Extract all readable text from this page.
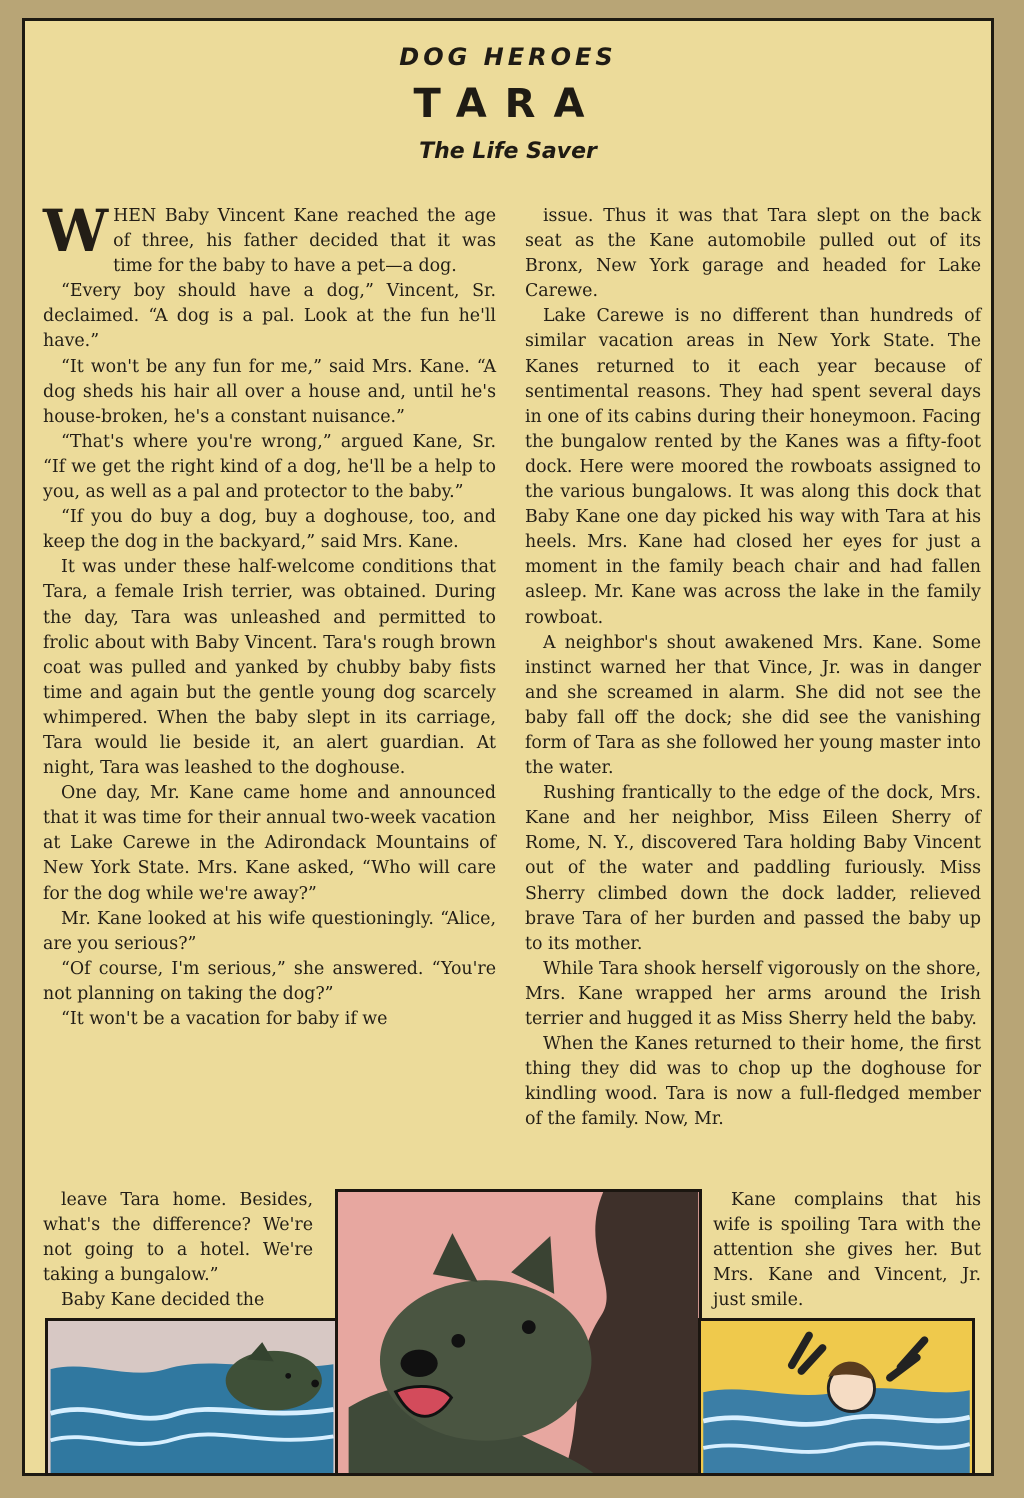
DOG HEROES
TARA
The Life Saver

WHEN Baby Vincent Kane reached the age of three, his father decided that it was time for the baby to have a pet—a dog.

“Every boy should have a dog,” Vincent, Sr. declaimed. “A dog is a pal. Look at the fun he'll have.”

“It won't be any fun for me,” said Mrs. Kane. “A dog sheds his hair all over a house and, until he's house-broken, he's a constant nuisance.”

“That's where you're wrong,” argued Kane, Sr. “If we get the right kind of a dog, he'll be a help to you, as well as a pal and protector to the baby.”

“If you do buy a dog, buy a doghouse, too, and keep the dog in the backyard,” said Mrs. Kane.

It was under these half-welcome conditions that Tara, a female Irish terrier, was obtained. During the day, Tara was unleashed and permitted to frolic about with Baby Vincent. Tara's rough brown coat was pulled and yanked by chubby baby fists time and again but the gentle young dog scarcely whimpered. When the baby slept in its carriage, Tara would lie beside it, an alert guardian. At night, Tara was leashed to the doghouse.

One day, Mr. Kane came home and announced that it was time for their annual two-week vacation at Lake Carewe in the Adirondack Mountains of New York State. Mrs. Kane asked, “Who will care for the dog while we're away?”

Mr. Kane looked at his wife questioningly. “Alice, are you serious?”

“Of course, I'm serious,” she answered. “You're not planning on taking the dog?”

“It won't be a vacation for baby if we

leave Tara home. Besides, what's the difference? We're not going to a hotel. We're taking a bungalow.”

Baby Kane decided the

issue. Thus it was that Tara slept on the back seat as the Kane automobile pulled out of its Bronx, New York garage and headed for Lake Carewe.

Lake Carewe is no different than hundreds of similar vacation areas in New York State. The Kanes returned to it each year because of sentimental reasons. They had spent several days in one of its cabins during their honeymoon. Facing the bungalow rented by the Kanes was a fifty-foot dock. Here were moored the rowboats assigned to the various bungalows. It was along this dock that Baby Kane one day picked his way with Tara at his heels. Mrs. Kane had closed her eyes for just a moment in the family beach chair and had fallen asleep. Mr. Kane was across the lake in the family rowboat.

A neighbor's shout awakened Mrs. Kane. Some instinct warned her that Vince, Jr. was in danger and she screamed in alarm. She did not see the baby fall off the dock; she did see the vanishing form of Tara as she followed her young master into the water.

Rushing frantically to the edge of the dock, Mrs. Kane and her neighbor, Miss Eileen Sherry of Rome, N. Y., discovered Tara holding Baby Vincent out of the water and paddling furiously. Miss Sherry climbed down the dock ladder, relieved brave Tara of her burden and passed the baby up to its mother.

While Tara shook herself vigorously on the shore, Mrs. Kane wrapped her arms around the Irish terrier and hugged it as Miss Sherry held the baby.

When the Kanes returned to their home, the first thing they did was to chop up the doghouse for kindling wood. Tara is now a full-fledged member of the family. Now, Mr.

Kane complains that his wife is spoiling Tara with the attention she gives her. But Mrs. Kane and Vincent, Jr. just smile.
